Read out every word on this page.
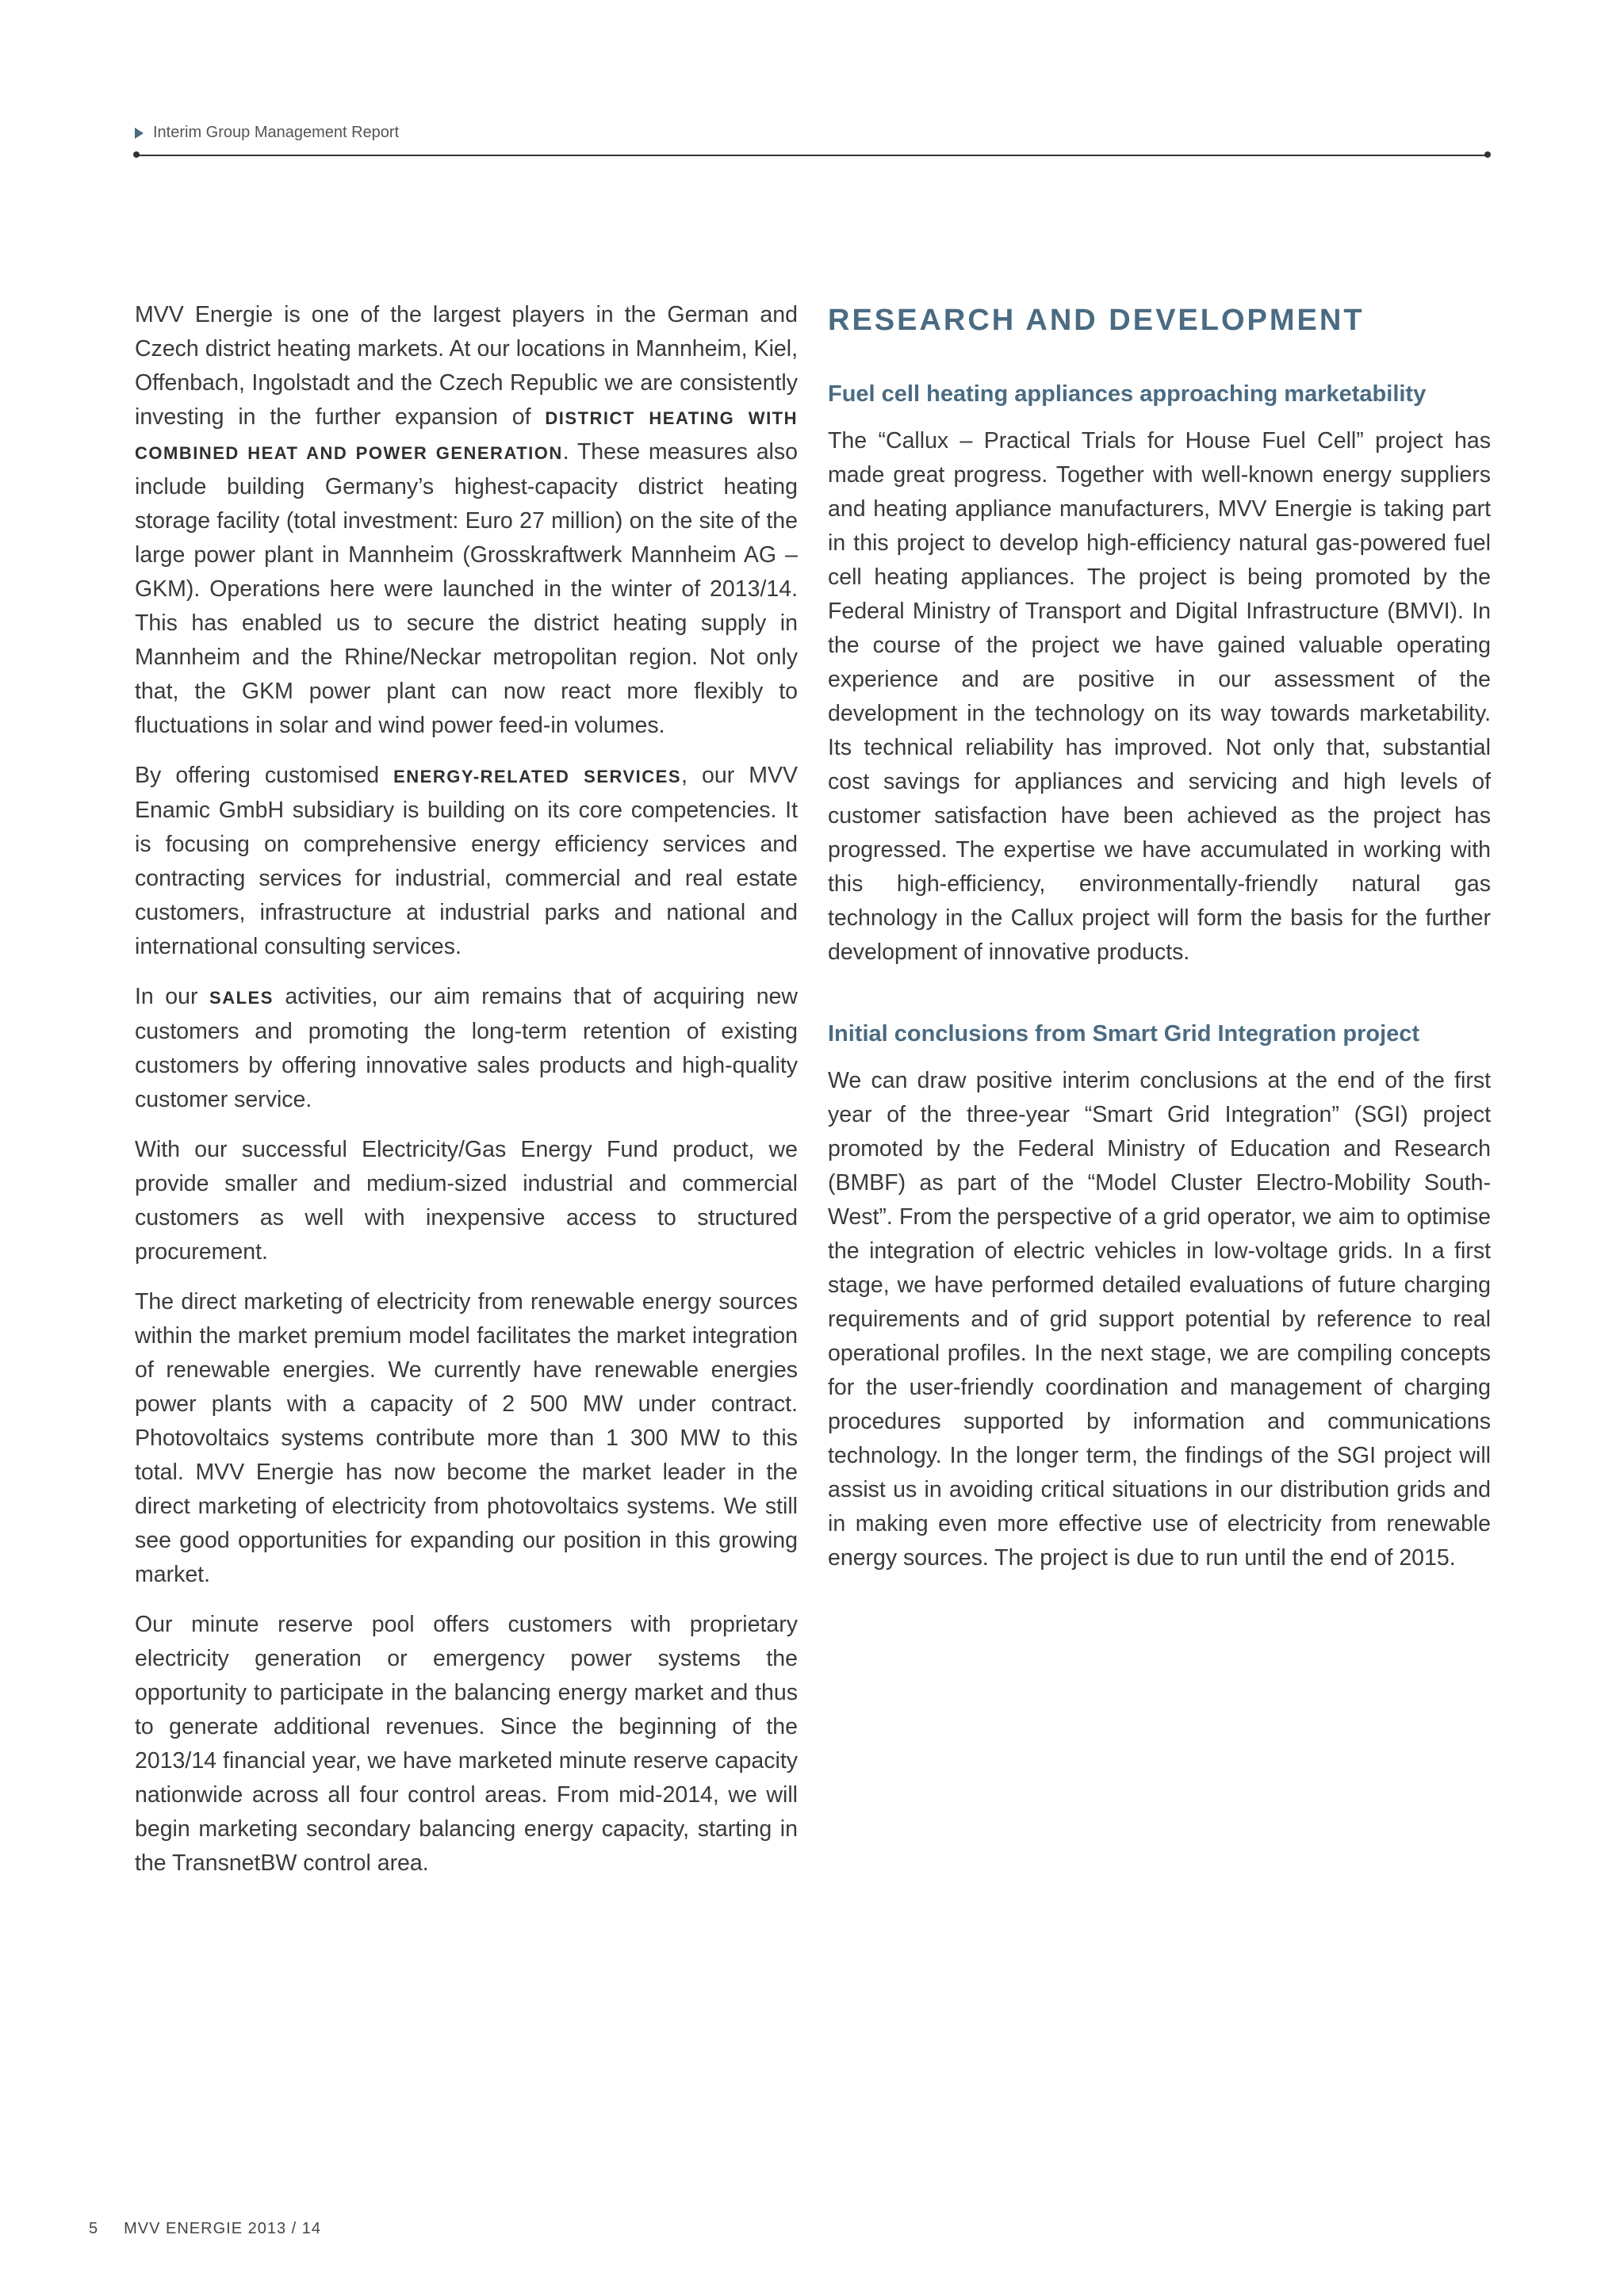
Interim Group Management Report

MVV Energie is one of the largest players in the German and Czech district heating markets. At our locations in Mannheim, Kiel, Offenbach, Ingolstadt and the Czech Republic we are consistently investing in the further expansion of DISTRICT HEATING WITH COMBINED HEAT AND POWER GENERATION. These measures also include building Germany’s highest-capacity district heating storage facility (total investment: Euro 27 million) on the site of the large power plant in Mannheim (Grosskraftwerk Mannheim AG – GKM). Operations here were launched in the winter of 2013/14. This has enabled us to secure the district heating supply in Mannheim and the Rhine/Neckar metropolitan region. Not only that, the GKM power plant can now react more flexibly to fluctuations in solar and wind power feed-in volumes.

By offering customised ENERGY-RELATED SERVICES, our MVV Enamic GmbH subsidiary is building on its core competencies. It is focusing on comprehensive energy efficiency services and contracting services for industrial, commercial and real estate customers, infrastructure at industrial parks and national and international consulting services.

In our SALES activities, our aim remains that of acquiring new customers and promoting the long-term retention of existing customers by offering innovative sales products and high-quality customer service.

With our successful Electricity/Gas Energy Fund product, we provide smaller and medium-sized industrial and commercial customers as well with inexpensive access to structured procurement.

The direct marketing of electricity from renewable energy sources within the market premium model facilitates the market integration of renewable energies. We currently have renewable energies power plants with a capacity of 2 500 MW under contract. Photovoltaics systems contribute more than 1 300 MW to this total. MVV Energie has now become the market leader in the direct marketing of electricity from photovoltaics systems. We still see good opportunities for expanding our position in this growing market.

Our minute reserve pool offers customers with proprietary electricity generation or emergency power systems the opportunity to participate in the balancing energy market and thus to generate additional revenues. Since the beginning of the 2013/14 financial year, we have marketed minute reserve capacity nationwide across all four control areas. From mid-2014, we will begin marketing secondary balancing energy capacity, starting in the TransnetBW control area.

RESEARCH AND DEVELOPMENT
Fuel cell heating appliances approaching marketability

The “Callux – Practical Trials for House Fuel Cell” project has made great progress. Together with well-known energy suppliers and heating appliance manufacturers, MVV Energie is taking part in this project to develop high-efficiency natural gas-powered fuel cell heating appliances. The project is being promoted by the Federal Ministry of Transport and Digital Infrastructure (BMVI). In the course of the project we have gained valuable operating experience and are positive in our assessment of the development in the technology on its way towards marketability. Its technical reliability has improved. Not only that, substantial cost savings for appliances and servicing and high levels of customer satisfaction have been achieved as the project has progressed. The expertise we have accumulated in working with this high-efficiency, environmentally-friendly natural gas technology in the Callux project will form the basis for the further development of innovative products.

Initial conclusions from Smart Grid Integration project

We can draw positive interim conclusions at the end of the first year of the three-year “Smart Grid Integration” (SGI) project promoted by the Federal Ministry of Education and Research (BMBF) as part of the “Model Cluster Electro-Mobility South-West”. From the perspective of a grid operator, we aim to optimise the integration of electric vehicles in low-voltage grids. In a first stage, we have performed detailed evaluations of future charging requirements and of grid support potential by reference to real operational profiles. In the next stage, we are compiling concepts for the user-friendly coordination and management of charging procedures supported by information and communications technology. In the longer term, the findings of the SGI project will assist us in avoiding critical situations in our distribution grids and in making even more effective use of electricity from renewable energy sources. The project is due to run until the end of 2015.

5 MVV ENERGIE 2013 / 14
